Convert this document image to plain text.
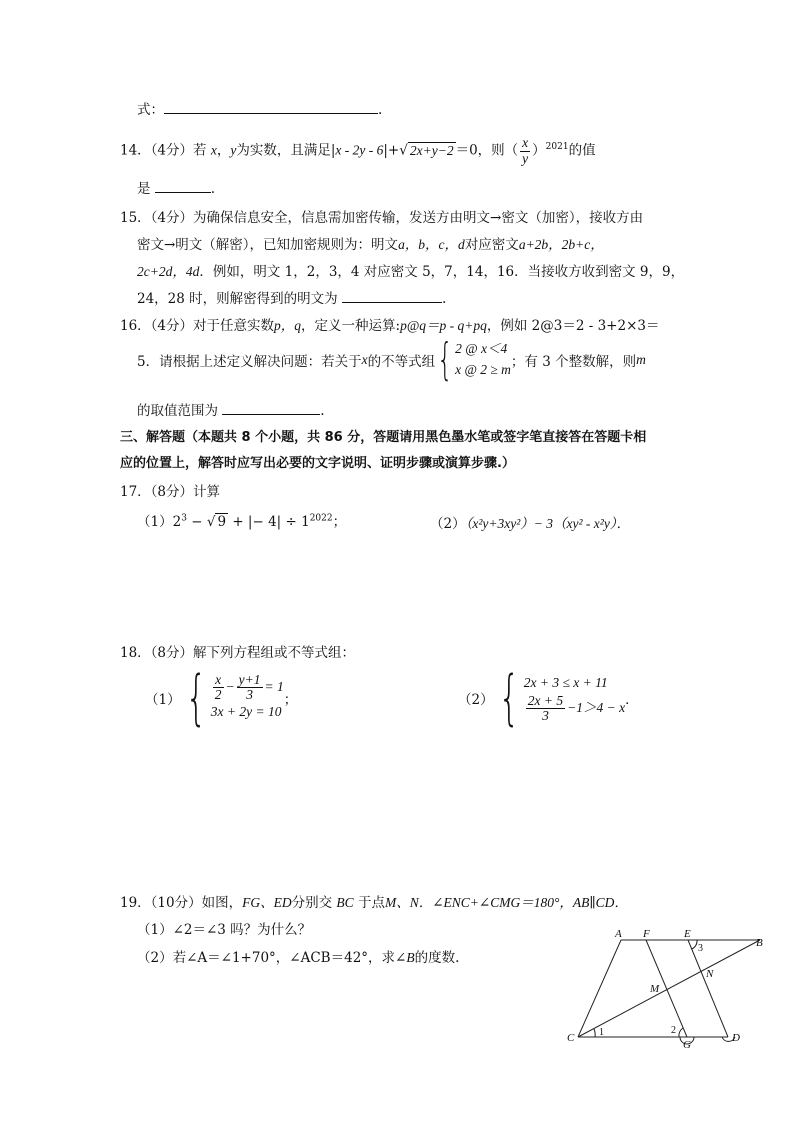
式：	.
14．（4分）若 x，y为实数，且满足|x - 2y - 6|+√ 2x+y−2 ＝0，则（ $\frac{x}{y} )^{2021}$的值
是	.
15．（4分）为确保信息安全，信息需加密传输，发送方由明文→密文（加密），接收方由
密文→明文（解密），已知加密规则为：明文a，b，c，d对应密文a+2b，2b+c，
2c+2d，4d．例如，明文 1，2，3，4 对应密文 5，7，14，16．当接收方收到密文 9，9，
24，28 时，则解密得到的明文为	.
16．（4分）对于任意实数p，q，定义一种运算:p@q＝p - q+pq，例如 2@3＝2 - 3+2×3＝
5．请根据上述定义解决问题：若关于x的不等式组{ 2 @ x＜4
x @ 2 ≥ m ；有 3 个整数解，则m
的取值范围为	.
三、解答题（本题共 8 个小题，共 86 分，答题请用黑色墨水笔或签字笔直接答在答题卡相
应的位置上，解答时应写出必要的文字说明、证明步骤或演算步骤.）
17．（8分）计算
$(1)2^3$ − √ 9 + |− $4| \div 1^{2022}$；	（2）（x²y+3xy²）− 3（xy² - x²y）．
18．（8分）解下列方程组或不等式组：
$(1)\{ \frac{x}{2} - \frac{y+1}{3} = 1$
3x + 2y = 10
；	（2）{ 2x + 3 ≤ x + 11
$\frac{2x + 5}{3} -1>4 - x$ ．
19．（10分）如图，FG、ED分别交 BC 于点M、N．∠ENC+∠CMG＝180°，AB∥CD．
（1）∠2＝∠3 吗？为什么？
（2）若∠A＝∠1+70°，∠ACB＝42°，求∠B的度数.
A F	E
B
C
G
D
M
N
1	2
3
